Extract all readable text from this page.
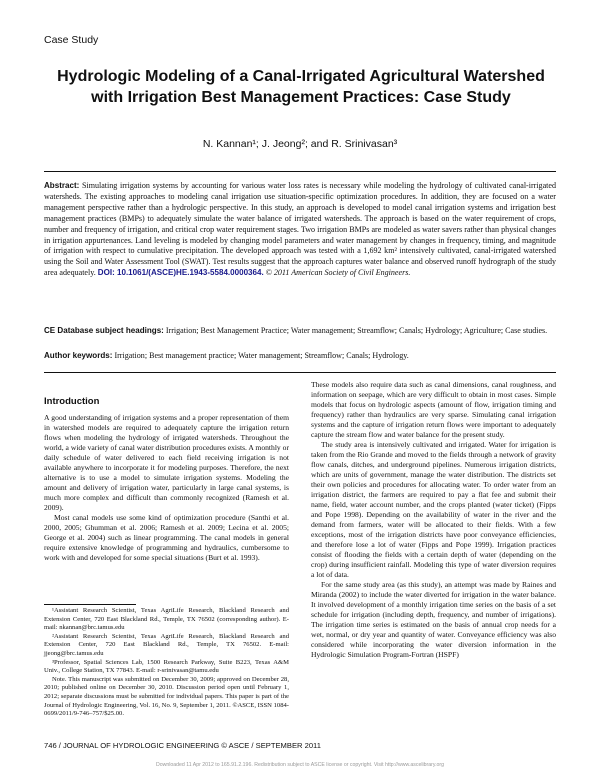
Case Study
Hydrologic Modeling of a Canal-Irrigated Agricultural Watershed with Irrigation Best Management Practices: Case Study
N. Kannan¹; J. Jeong²; and R. Srinivasan³

Abstract: Simulating irrigation systems by accounting for various water loss rates is necessary while modeling the hydrology of cultivated canal-irrigated watersheds. The existing approaches to modeling canal irrigation use situation-specific optimization procedures. In addition, they are focused on a water management perspective rather than a hydrologic perspective. In this study, an approach is developed to model canal irrigation systems and irrigation best management practices (BMPs) to adequately simulate the water balance of irrigated watersheds. The approach is based on the water requirement of crops, number and frequency of irrigation, and critical crop water requirement stages. Two irrigation BMPs are modeled as water savers rather than physical changes in irrigation appurtenances. Land leveling is modeled by changing model parameters and water management by changes in frequency, timing, and magnitude of irrigation with respect to cumulative precipitation. The developed approach was tested with a 1,692 km² intensively cultivated, canal-irrigated watershed using the Soil and Water Assessment Tool (SWAT). Test results suggest that the approach captures water balance and observed runoff hydrograph of the study area adequately. DOI: 10.1061/(ASCE)HE.1943-5584.0000364. © 2011 American Society of Civil Engineers.

CE Database subject headings: Irrigation; Best Management Practice; Water management; Streamflow; Canals; Hydrology; Agriculture; Case studies.

Author keywords: Irrigation; Best management practice; Water management; Streamflow; Canals; Hydrology.

Introduction

A good understanding of irrigation systems and a proper representation of them in watershed models are required to adequately capture the irrigation return flows when modeling the hydrology of irrigated watersheds. Throughout the world, a wide variety of canal water distribution procedures exists. A monthly or daily schedule of water delivered to each field receiving irrigation is not available anywhere to incorporate it for modeling purposes. Therefore, the next alternative is to use a model to simulate irrigation systems. Modeling the amount and delivery of irrigation water, particularly in large canal systems, is much more complex and difficult than commonly recognized (Ramesh et al. 2009).

Most canal models use some kind of optimization procedure (Santhi et al. 2000, 2005; Ghumman et al. 2006; Ramesh et al. 2009; Lecina et al. 2005; George et al. 2004) such as linear programming. The canal models in general require extensive knowledge of programming and hydraulics, cumbersome to work with and developed for some special situations (Burt et al. 1993).

¹Assistant Research Scientist, Texas AgriLife Research, Blackland Research and Extension Center, 720 East Blackland Rd., Temple, TX 76502 (corresponding author). E-mail: nkannan@brc.tamus.edu

²Assistant Research Scientist, Texas AgriLife Research, Blackland Research and Extension Center, 720 East Blackland Rd., Temple, TX 76502. E-mail: jjeong@brc.tamus.edu

³Professor, Spatial Sciences Lab, 1500 Research Parkway, Suite B223, Texas A&M Univ., College Station, TX 77843. E-mail: r-srinivasan@tamu.edu

Note. This manuscript was submitted on December 30, 2009; approved on December 28, 2010; published online on December 30, 2010. Discussion period open until February 1, 2012; separate discussions must be submitted for individual papers. This paper is part of the Journal of Hydrologic Engineering, Vol. 16, No. 9, September 1, 2011. ©ASCE, ISSN 1084-0699/2011/9-746–757/$25.00.

These models also require data such as canal dimensions, canal roughness, and information on seepage, which are very difficult to obtain in most cases. Simple models that focus on hydrologic aspects (amount of flow, irrigation timing and frequency) rather than hydraulics are very sparse. Simulating canal irrigation systems and the capture of irrigation return flows were important to adequately capture the stream flow and water balance for the present study.

The study area is intensively cultivated and irrigated. Water for irrigation is taken from the Rio Grande and moved to the fields through a network of gravity flow canals, ditches, and underground pipelines. Numerous irrigation districts, which are units of government, manage the water distribution. The districts set their own policies and procedures for allocating water. To order water from an irrigation district, the farmers are required to pay a flat fee and submit their name, field, water account number, and the crops planted (water ticket) (Fipps and Pope 1998). Depending on the availability of water in the river and the demand from farmers, water will be allocated to their fields. With a few exceptions, most of the irrigation districts have poor conveyance efficiencies, and therefore lose a lot of water (Fipps and Pope 1999). Irrigation practices consist of flooding the fields with a certain depth of water (depending on the crop) during insufficient rainfall. Modeling this type of water diversion requires a lot of data.

For the same study area (as this study), an attempt was made by Raines and Miranda (2002) to include the water diverted for irrigation in the water balance. It involved development of a monthly irrigation time series on the basis of a set schedule for irrigation (including depth, frequency, and number of irrigations). The irrigation time series is estimated on the basis of annual crop needs for a wet, normal, or dry year and quantity of water. Conveyance efficiency was also considered while incorporating the water diversion information in the Hydrologic Simulation Program-Fortran (HSPF)

746 / JOURNAL OF HYDROLOGIC ENGINEERING © ASCE / SEPTEMBER 2011
Downloaded 11 Apr 2012 to 165.91.2.196. Redistribution subject to ASCE license or copyright. Visit http://www.ascelibrary.org
